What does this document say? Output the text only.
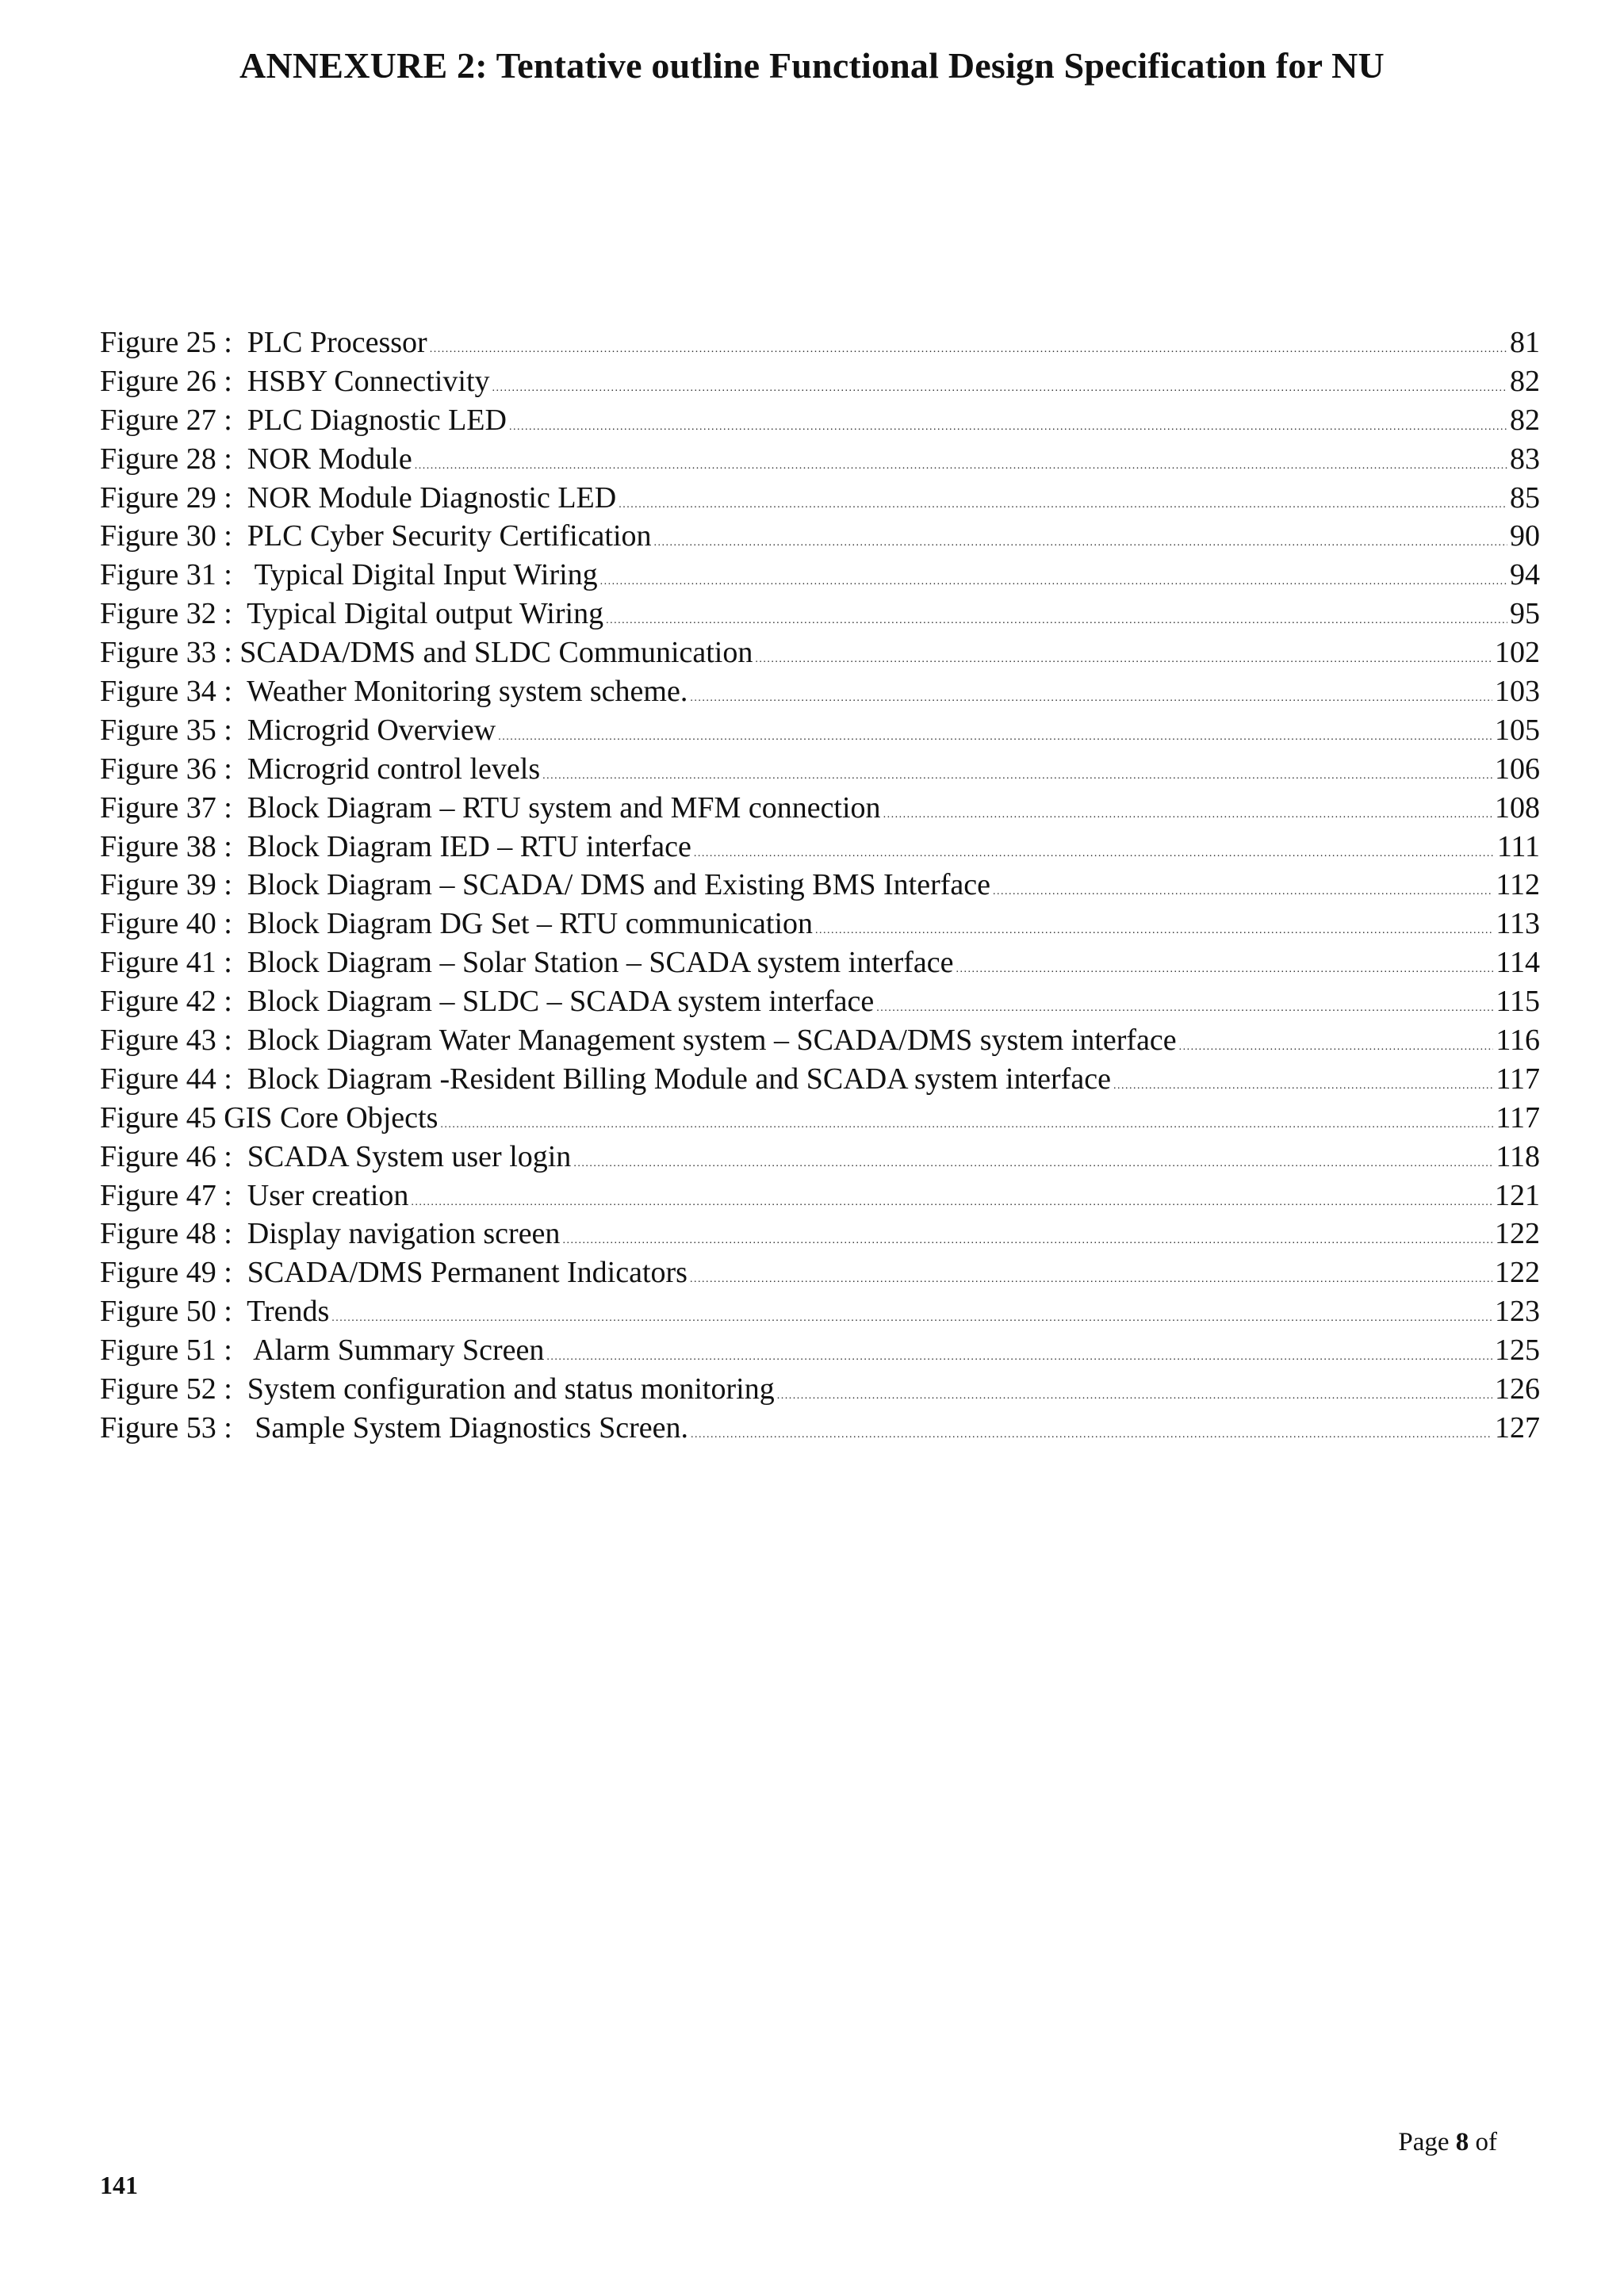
ANNEXURE 2: Tentative outline Functional Design Specification for NU
Figure 25 :  PLC Processor .....	81
Figure 26 :  HSBY Connectivity .....	82
Figure 27 :  PLC Diagnostic LED .....	82
Figure 28 :  NOR Module .....	83
Figure 29 :  NOR Module Diagnostic LED .....	85
Figure 30 :  PLC Cyber Security Certification .....	90
Figure 31 :   Typical Digital Input Wiring .....	94
Figure 32 :  Typical Digital output Wiring .....	95
Figure 33 : SCADA/DMS and SLDC Communication .....	102
Figure 34 :  Weather Monitoring system scheme. .....	103
Figure 35 :  Microgrid Overview .....	105
Figure 36 :  Microgrid control levels .....	106
Figure 37 :  Block Diagram – RTU system and MFM connection .....	108
Figure 38 :  Block Diagram IED – RTU interface .....	111
Figure 39 :  Block Diagram – SCADA/ DMS and Existing BMS Interface .....	112
Figure 40 :  Block Diagram DG Set – RTU communication .....	113
Figure 41 :  Block Diagram – Solar Station – SCADA system interface .....	114
Figure 42 :  Block Diagram – SLDC – SCADA system interface .....	115
Figure 43 :  Block Diagram Water Management system – SCADA/DMS system interface .....	116
Figure 44 :  Block Diagram -Resident Billing Module and SCADA system interface .....	117
Figure 45 GIS Core Objects .....	117
Figure 46 :  SCADA System user login .....	118
Figure 47 :  User creation .....	121
Figure 48 :  Display navigation screen .....	122
Figure 49 :  SCADA/DMS Permanent Indicators .....	122
Figure 50 :  Trends .....	123
Figure 51 :   Alarm Summary Screen .....	125
Figure 52 :  System configuration and status monitoring .....	126
Figure 53 :   Sample System Diagnostics Screen. .....	127
Page 8 of
141
